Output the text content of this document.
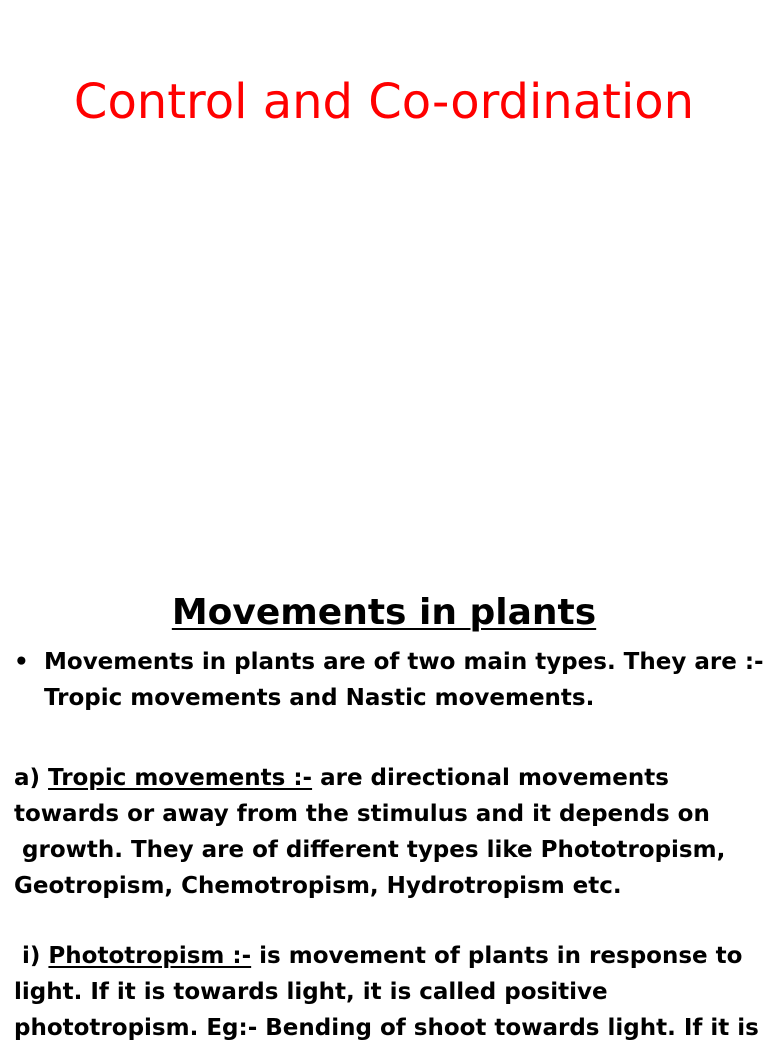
Control and Co-ordination
Movements in plants
• Movements in plants are of two main types. They are :-
Tropic movements and Nastic movements.
a) Tropic movements :- are directional movements
towards or away from the stimulus and it depends on
growth. They are of different types like Phototropism,
Geotropism, Chemotropism, Hydrotropism etc.
i) Phototropism :- is movement of plants in response to
light. If it is towards light, it is called positive
phototropism. Eg:- Bending of shoot towards light. If it is
